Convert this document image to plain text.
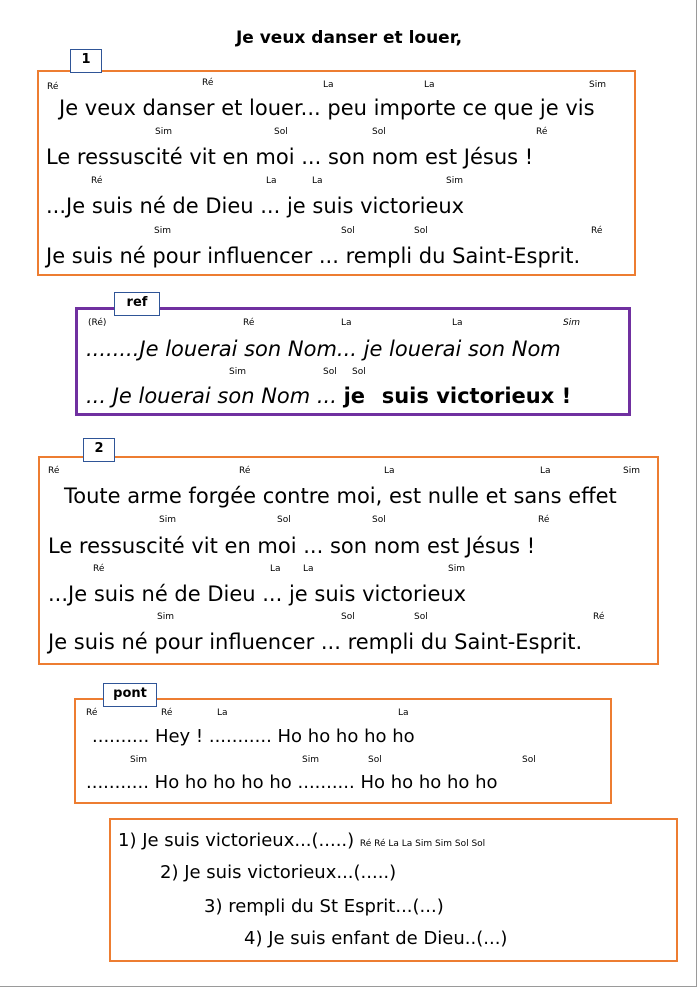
Je veux danser et louer,
1
Ré	Ré	La	La	Sim
Je veux danser et louer... peu importe ce que je vis
Sim	Sol	Sol	Ré
Le ressuscité vit en moi ... son nom est Jésus !
Ré	La	La	Sim
...Je suis né de Dieu ... je suis victorieux
Sim	Sol	Sol	Ré
Je suis né pour influencer ... rempli du Saint-Esprit.
ref
(Ré)	Ré	La	La	Sim
........Je louerai son Nom... je louerai son Nom
Sim	Sol Sol
... Je louerai son Nom ... je suis victorieux !
2
Ré	Ré	La	La	Sim
Toute arme forgée contre moi, est nulle et sans effet
Sim	Sol	Sol	Ré
Le ressuscité vit en moi ... son nom est Jésus !
Ré	La La	Sim
...Je suis né de Dieu ... je suis victorieux
Sim	Sol	Sol	Ré
Je suis né pour influencer ... rempli du Saint-Esprit.
pont
Ré	Ré	La	La
.......... Hey ! ........... Ho ho ho ho ho
Sim	Sim	Sol	Sol
........... Ho ho ho ho ho .......... Ho ho ho ho ho
1) Je suis victorieux...(.....) Ré Ré La La Sim Sim Sol Sol
2) Je suis victorieux...(.....)
3) rempli du St Esprit...(...)
4) Je suis enfant de Dieu..(...)
